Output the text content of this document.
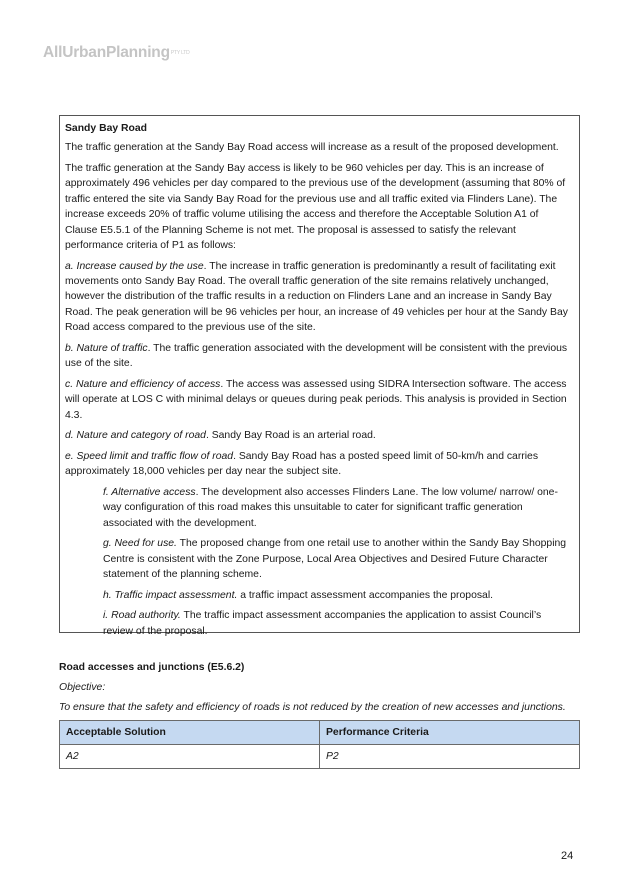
AllUrbanPlanning$^{PTY LTD}$

Sandy Bay Road

The traffic generation at the Sandy Bay Road access will increase as a result of the proposed development.

The traffic generation at the Sandy Bay access is likely to be 960 vehicles per day. This is an increase of approximately 496 vehicles per day compared to the previous use of the development (assuming that 80% of traffic entered the site via Sandy Bay Road for the previous use and all traffic exited via Flinders Lane). The increase exceeds 20% of traffic volume utilising the access and therefore the Acceptable Solution A1 of Clause E5.5.1 of the Planning Scheme is not met. The proposal is assessed to satisfy the relevant performance criteria of P1 as follows:

a. Increase caused by the use. The increase in traffic generation is predominantly a result of facilitating exit movements onto Sandy Bay Road. The overall traffic generation of the site remains relatively unchanged, however the distribution of the traffic results in a reduction on Flinders Lane and an increase in Sandy Bay Road. The peak generation will be 96 vehicles per hour, an increase of 49 vehicles per hour at the Sandy Bay Road access compared to the previous use of the site.

b. Nature of traffic. The traffic generation associated with the development will be consistent with the previous use of the site.

c. Nature and efficiency of access. The access was assessed using SIDRA Intersection software. The access will operate at LOS C with minimal delays or queues during peak periods. This analysis is provided in Section 4.3.

d. Nature and category of road. Sandy Bay Road is an arterial road.

e. Speed limit and traffic flow of road. Sandy Bay Road has a posted speed limit of 50-km/h and carries approximately 18,000 vehicles per day near the subject site.

f. Alternative access. The development also accesses Flinders Lane. The low volume/ narrow/ one-way configuration of this road makes this unsuitable to cater for significant traffic generation associated with the development.

g. Need for use. The proposed change from one retail use to another within the Sandy Bay Shopping Centre is consistent with the Zone Purpose, Local Area Objectives and Desired Future Character statement of the planning scheme.

h. Traffic impact assessment. a traffic impact assessment accompanies the proposal.

i. Road authority. The traffic impact assessment accompanies the application to assist Council’s review of the proposal.

Road accesses and junctions (E5.6.2)

Objective:

To ensure that the safety and efficiency of roads is not reduced by the creation of new accesses and junctions.

Acceptable Solution	Performance Criteria
A2	P2
24
